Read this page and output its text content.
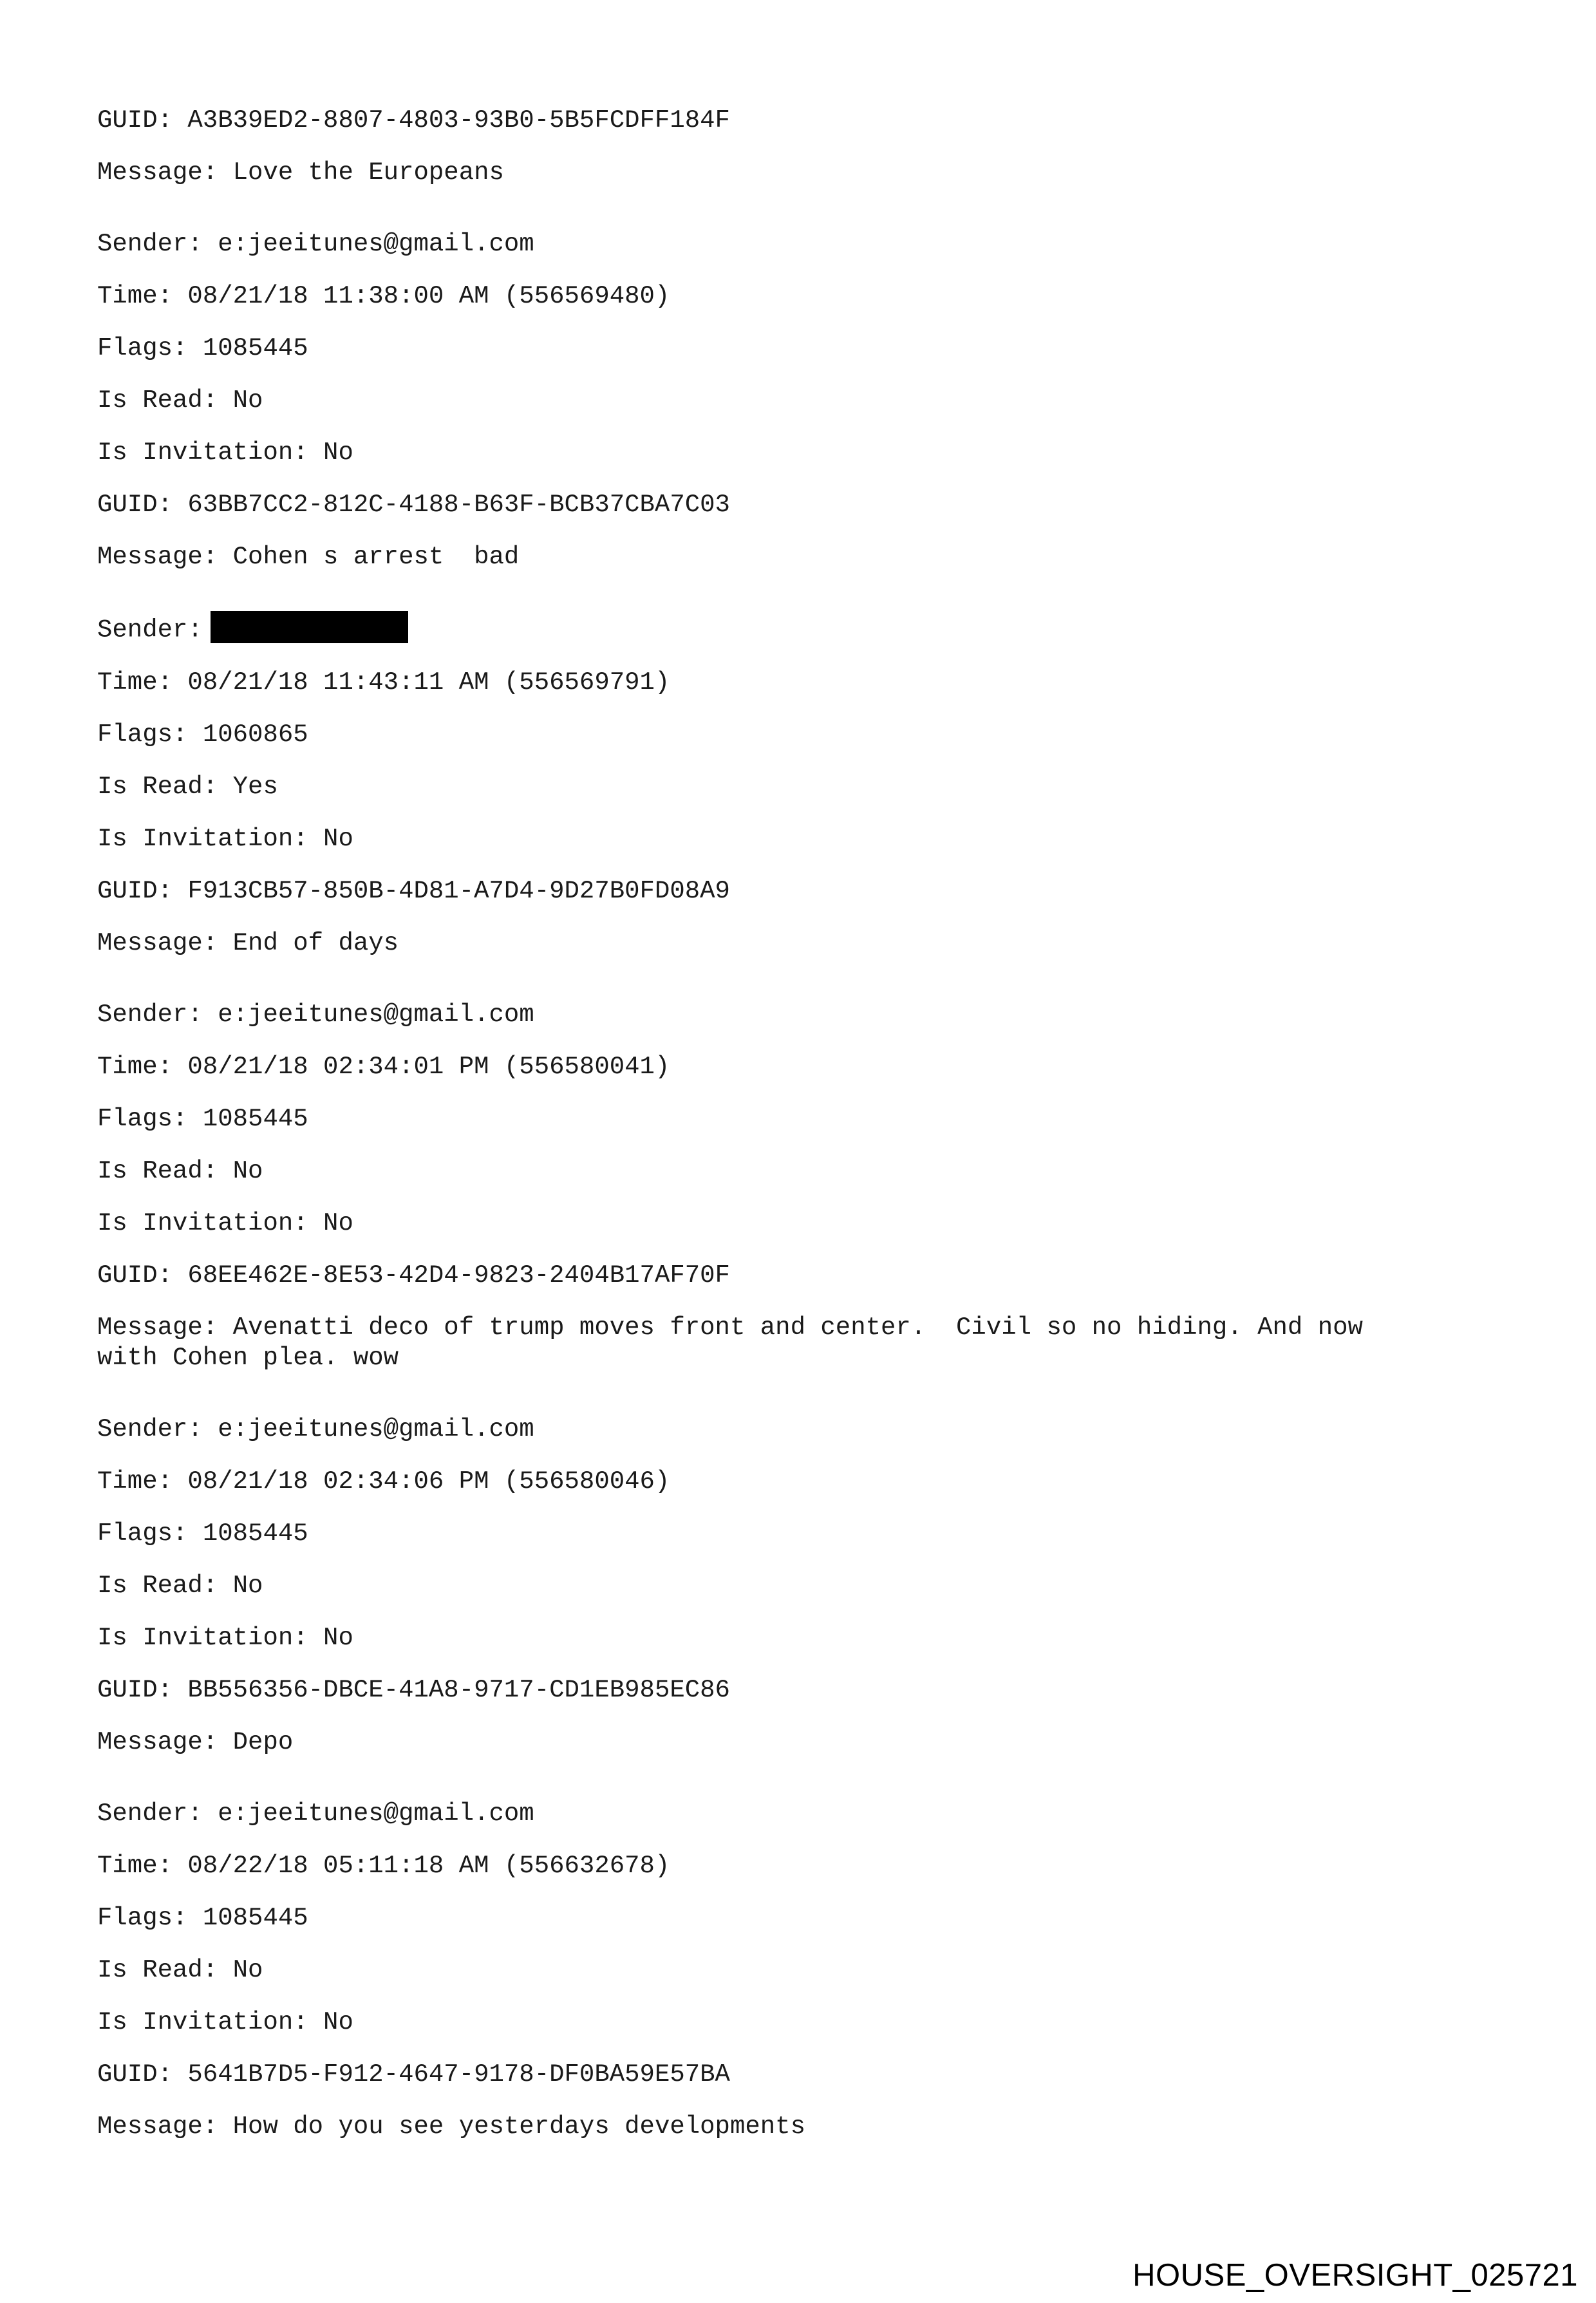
GUID: A3B39ED2-8807-4803-93B0-5B5FCDFF184F

Message: Love the Europeans

Sender: e:jeeitunes@gmail.com

Time: 08/21/18 11:38:00 AM (556569480)

Flags: 1085445

Is Read: No

Is Invitation: No

GUID: 63BB7CC2-812C-4188-B63F-BCB37CBA7C03

Message: Cohen s arrest  bad

Sender:

Time: 08/21/18 11:43:11 AM (556569791)

Flags: 1060865

Is Read: Yes

Is Invitation: No

GUID: F913CB57-850B-4D81-A7D4-9D27B0FD08A9

Message: End of days

Sender: e:jeeitunes@gmail.com

Time: 08/21/18 02:34:01 PM (556580041)

Flags: 1085445

Is Read: No

Is Invitation: No

GUID: 68EE462E-8E53-42D4-9823-2404B17AF70F

Message: Avenatti deco of trump moves front and center.  Civil so no hiding. And now
with Cohen plea. wow

Sender: e:jeeitunes@gmail.com

Time: 08/21/18 02:34:06 PM (556580046)

Flags: 1085445

Is Read: No

Is Invitation: No

GUID: BB556356-DBCE-41A8-9717-CD1EB985EC86

Message: Depo

Sender: e:jeeitunes@gmail.com

Time: 08/22/18 05:11:18 AM (556632678)

Flags: 1085445

Is Read: No

Is Invitation: No

GUID: 5641B7D5-F912-4647-9178-DF0BA59E57BA

Message: How do you see yesterdays developments

HOUSE_OVERSIGHT_025721
